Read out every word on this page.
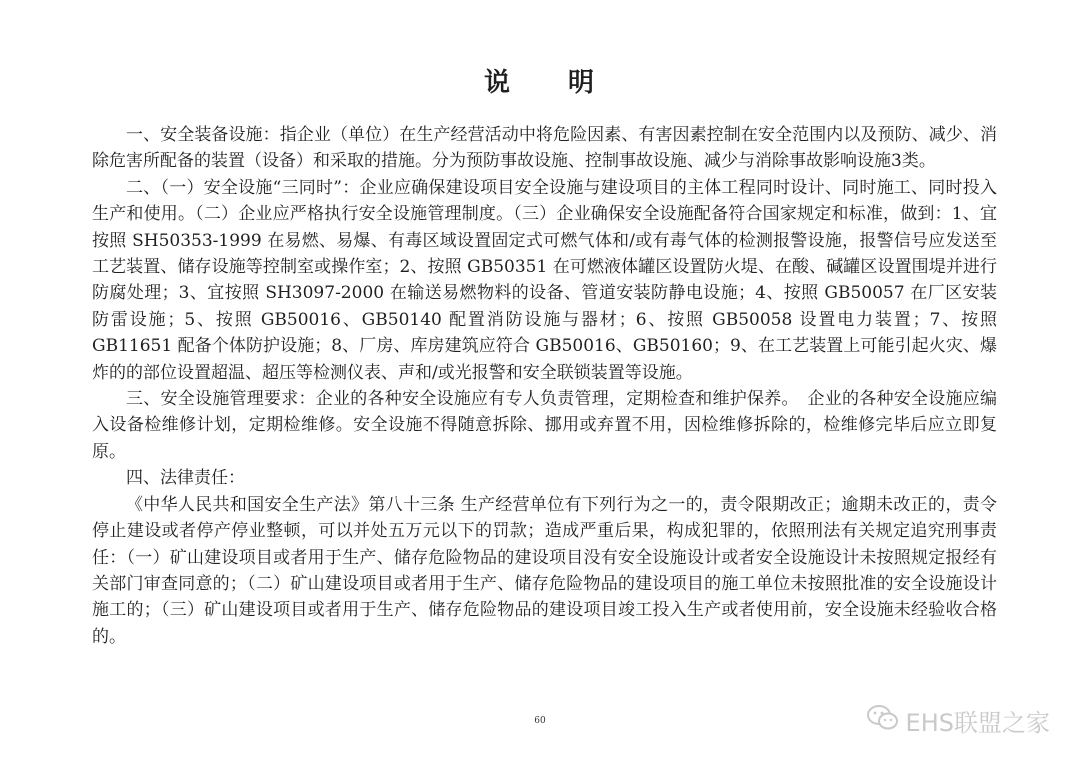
说　　明

一、安全装备设施：指企业（单位）在生产经营活动中将危险因素、有害因素控制在安全范围内以及预防、减少、消除危害所配备的装置（设备）和采取的措施。分为预防事故设施、控制事故设施、减少与消除事故影响设施3类。

二、（一）安全设施“三同时”：企业应确保建设项目安全设施与建设项目的主体工程同时设计、同时施工、同时投入生产和使用。（二）企业应严格执行安全设施管理制度。（三）企业确保安全设施配备符合国家规定和标准，做到：1、宜按照 SH50353-1999 在易燃、易爆、有毒区域设置固定式可燃气体和/或有毒气体的检测报警设施，报警信号应发送至工艺装置、储存设施等控制室或操作室；2、按照 GB50351 在可燃液体罐区设置防火堤、在酸、碱罐区设置围堤并进行防腐处理；3、宜按照 SH3097-2000 在输送易燃物料的设备、管道安装防静电设施；4、按照 GB50057 在厂区安装防雷设施；5、按照 GB50016、GB50140 配置消防设施与器材；6、按照 GB50058 设置电力装置；7、按照 GB11651 配备个体防护设施；8、厂房、库房建筑应符合 GB50016、GB50160；9、在工艺装置上可能引起火灾、爆炸的的部位设置超温、超压等检测仪表、声和/或光报警和安全联锁装置等设施。

三、安全设施管理要求：企业的各种安全设施应有专人负责管理，定期检查和维护保养。　企业的各种安全设施应编入设备检维修计划，定期检维修。安全设施不得随意拆除、挪用或弃置不用，因检维修拆除的，检维修完毕后应立即复原。

四、法律责任：

《中华人民共和国安全生产法》第八十三条 生产经营单位有下列行为之一的，责令限期改正；逾期未改正的，责令停止建设或者停产停业整顿，可以并处五万元以下的罚款；造成严重后果，构成犯罪的，依照刑法有关规定追究刑事责任：（一）矿山建设项目或者用于生产、储存危险物品的建设项目没有安全设施设计或者安全设施设计未按照规定报经有关部门审查同意的；（二）矿山建设项目或者用于生产、储存危险物品的建设项目的施工单位未按照批准的安全设施设计施工的；（三）矿山建设项目或者用于生产、储存危险物品的建设项目竣工投入生产或者使用前，安全设施未经验收合格的。

60	EHS联盟之家
